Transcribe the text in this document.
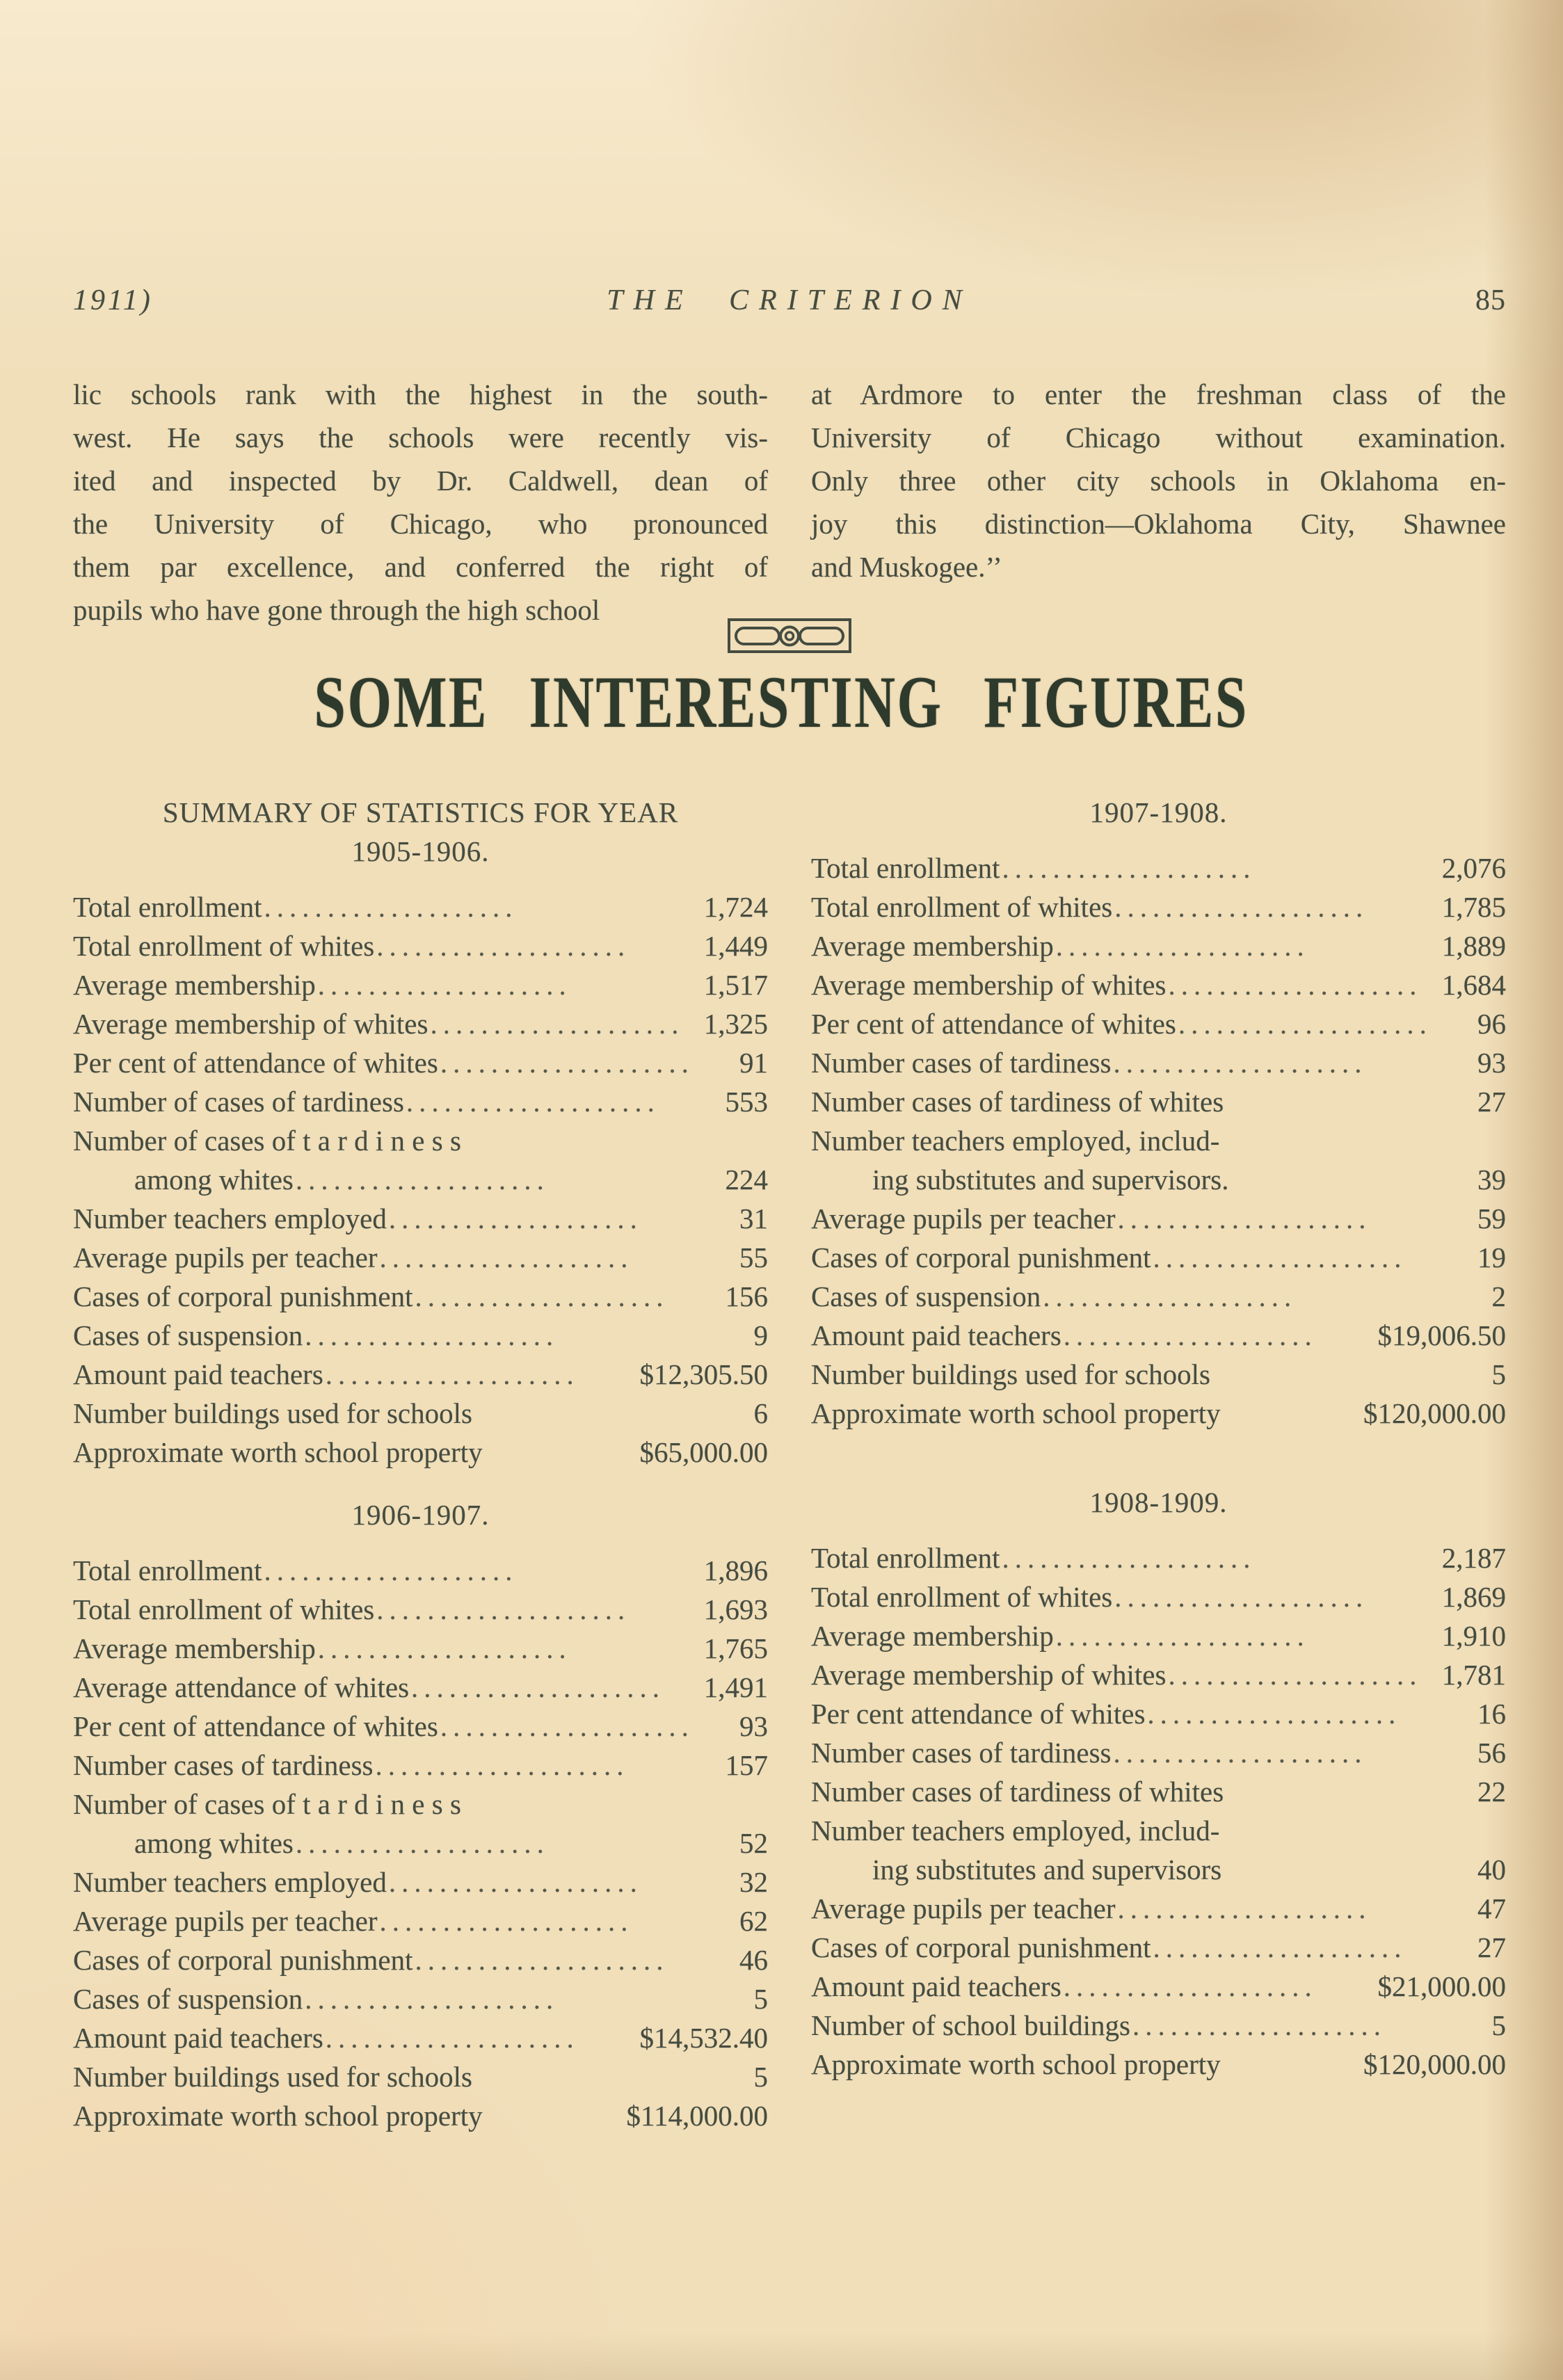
1911)	THE CRITERION	85
lic schools rank with the highest in the south-
west. He says the schools were recently vis-
ited and inspected by Dr. Caldwell, dean of
the University of Chicago, who pronounced
them par excellence, and conferred the right of
pupils who have gone through the high school
at Ardmore to enter the freshman class of the
University of Chicago without examination.
Only three other city schools in Oklahoma en-
joy this distinction—Oklahoma City, Shawnee
and Muskogee.’’
SOME INTERESTING FIGURES
SUMMARY OF STATISTICS FOR YEAR
1905-1906.
Total enrollment ....................	1,724
Total enrollment of whites ....................	1,449
Average membership ....................	1,517
Average membership of whites .................... 1,325
Per cent of attendance of whites ....................	91
Number of cases of tardiness ....................	553
Number of cases of t a r d i n e s s
among whites ....................	224
Number teachers employed ....................	31
Average pupils per teacher ....................	55
Cases of corporal punishment ....................	156
Cases of suspension ....................	9
Amount paid teachers ....................	$12,305.50
Number buildings used for schools	6
Approximate worth school property	$65,000.00
1906-1907.
Total enrollment ....................	1,896
Total enrollment of whites ....................	1,693
Average membership ....................	1,765
Average attendance of whites ....................	1,491
Per cent of attendance of whites ....................	93
Number cases of tardiness ....................	157
Number of cases of t a r d i n e s s
among whites ....................	52
Number teachers employed ....................	32
Average pupils per teacher ....................	62
Cases of corporal punishment ....................	46
Cases of suspension ....................	5
Amount paid teachers ....................	$14,532.40
Number buildings used for schools	5
Approximate worth school property	$114,000.00
1907-1908.
Total enrollment ....................	2,076
Total enrollment of whites ....................	1,785
Average membership ....................	1,889
Average membership of whites .................... 1,684
Per cent of attendance of whites ....................	96
Number cases of tardiness ....................	93
Number cases of tardiness of whites	27
Number teachers employed, includ-
ing substitutes and supervisors.	39
Average pupils per teacher ....................	59
Cases of corporal punishment ....................	19
Cases of suspension ....................	2
Amount paid teachers ....................	$19,006.50
Number buildings used for schools	5
Approximate worth school property	$120,000.00
1908-1909.
Total enrollment ....................	2,187
Total enrollment of whites ....................	1,869
Average membership ....................	1,910
Average membership of whites .................... 1,781
Per cent attendance of whites ....................	16
Number cases of tardiness ....................	56
Number cases of tardiness of whites	22
Number teachers employed, includ-
ing substitutes and supervisors	40
Average pupils per teacher ....................	47
Cases of corporal punishment ....................	27
Amount paid teachers ....................	$21,000.00
Number of school buildings ....................	5
Approximate worth school property	$120,000.00
